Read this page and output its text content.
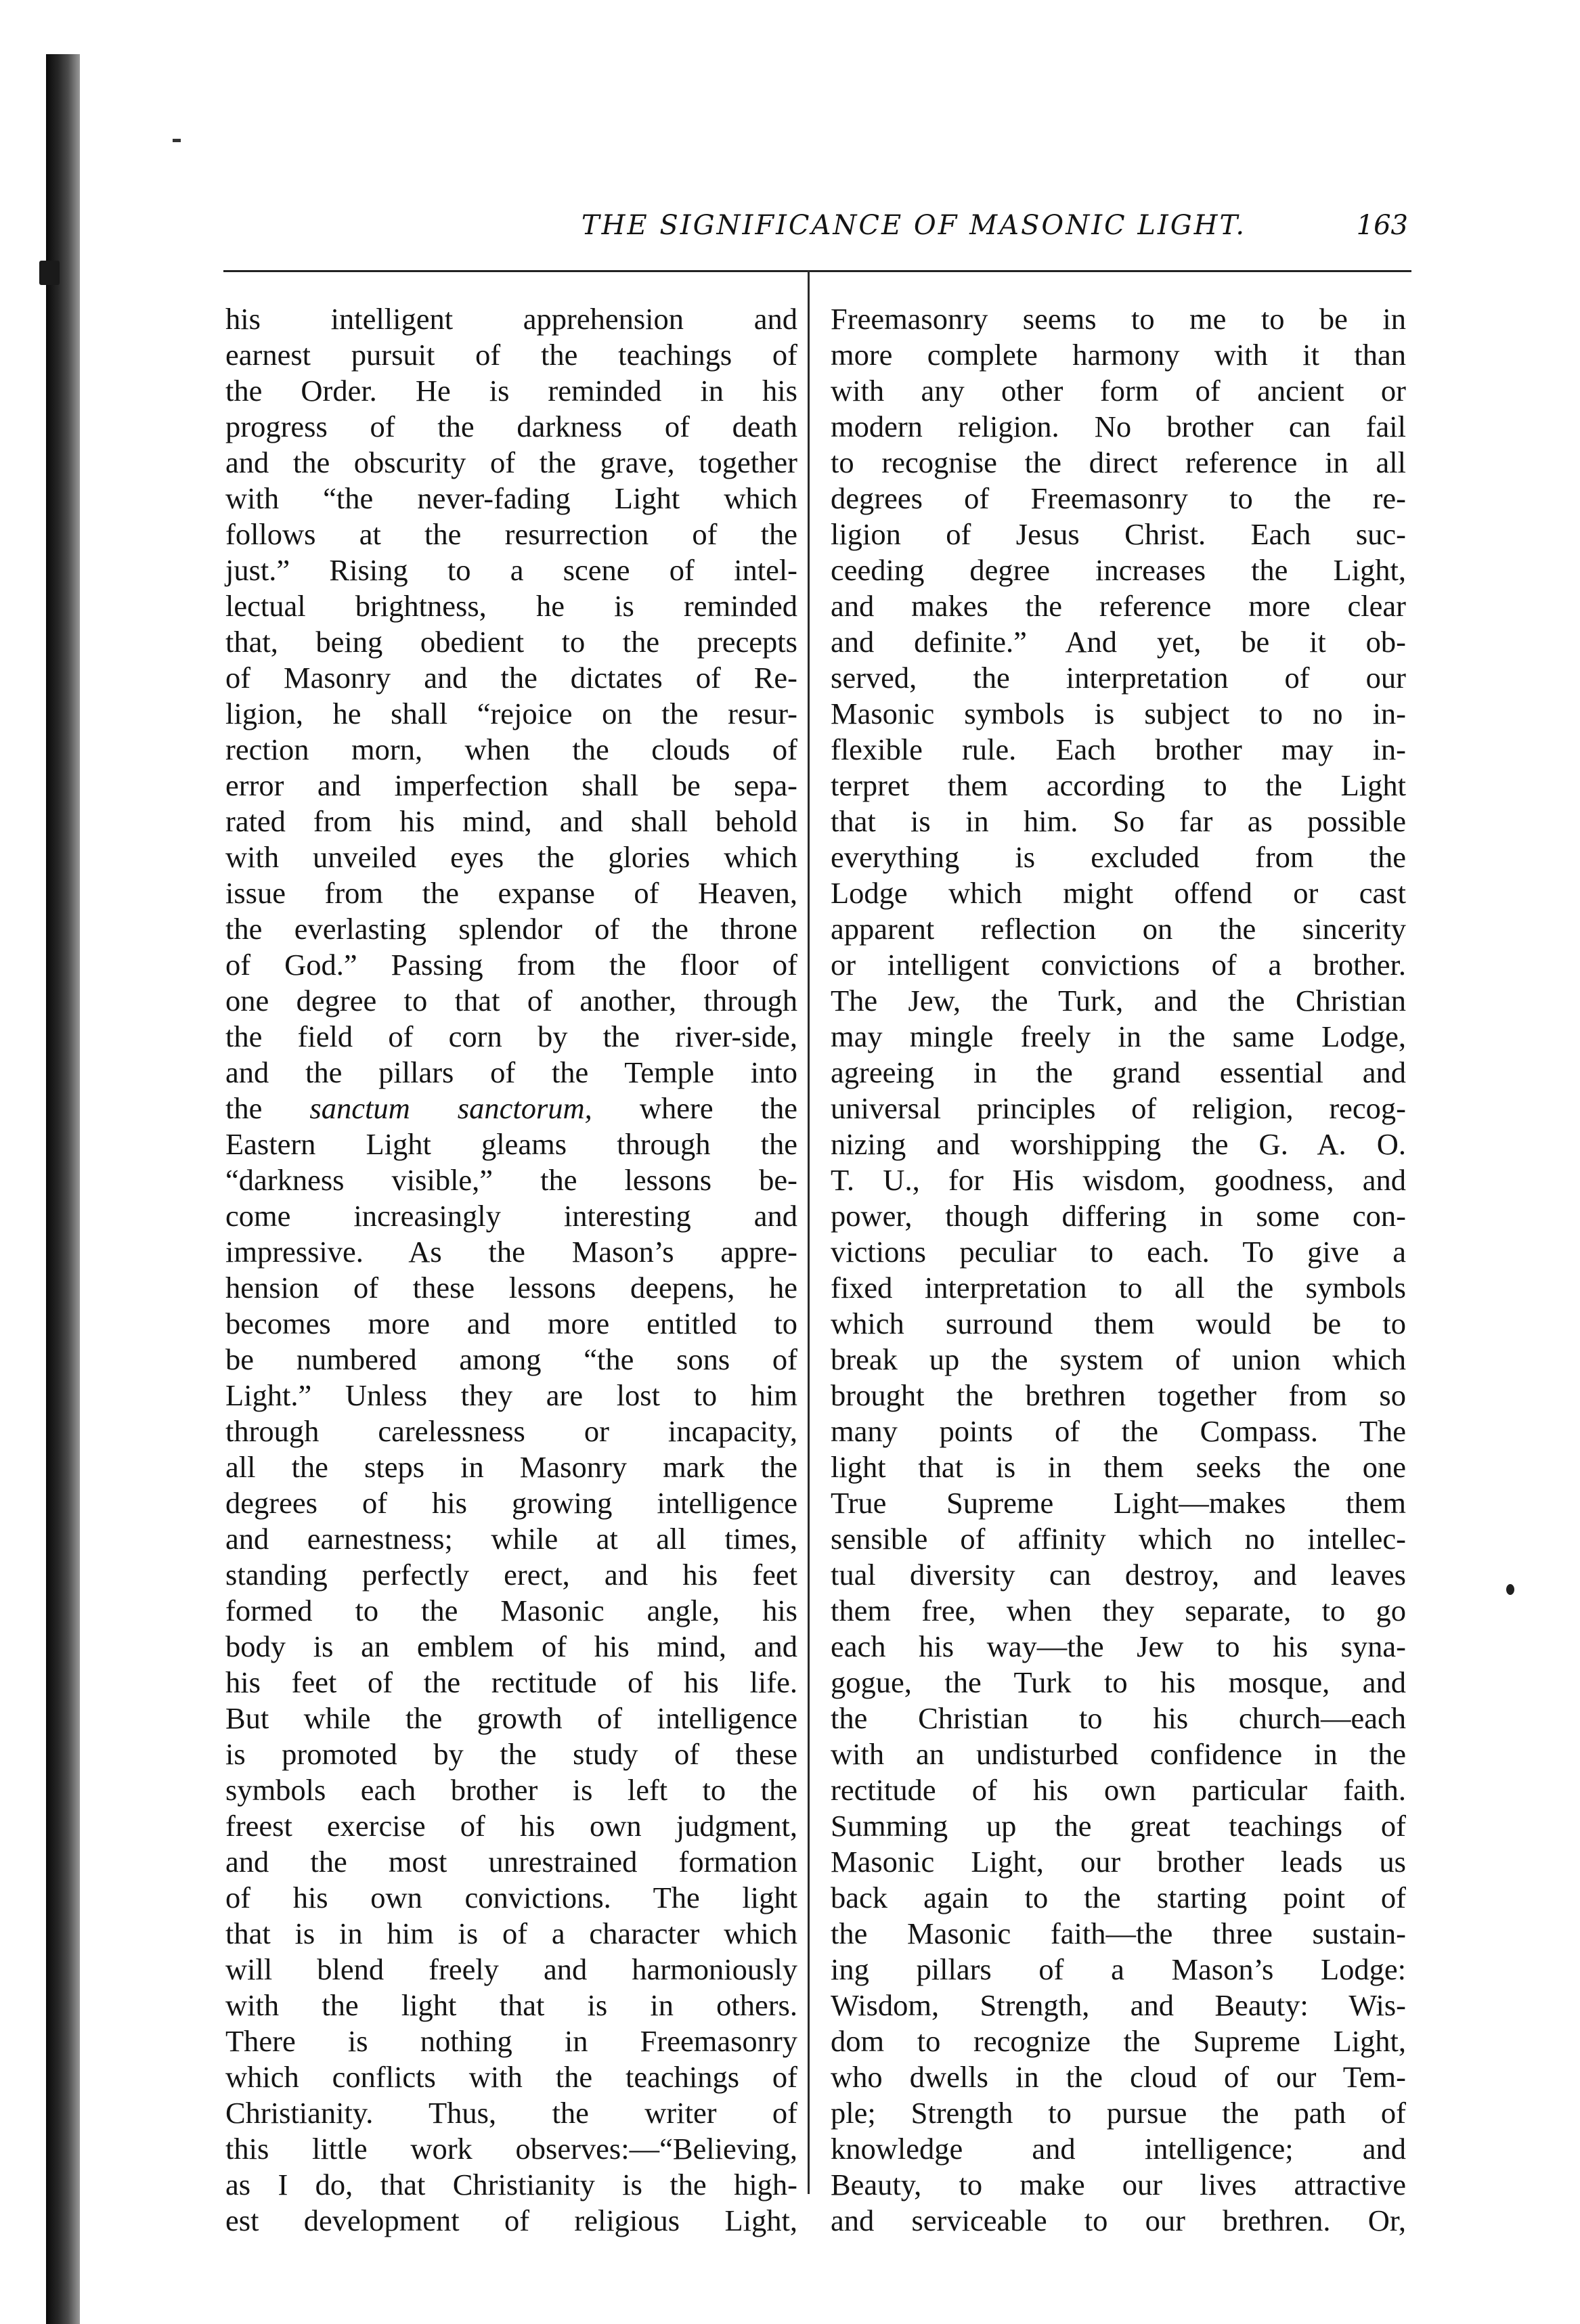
THE SIGNIFICANCE OF MASONIC LIGHT.	163
his intelligent apprehension and
earnest pursuit of the teachings of
the Order. He is reminded in his
progress of the darkness of death
and the obscurity of the grave, together
with “the never-fading Light which
follows at the resurrection of the
just.” Rising to a scene of intel-
lectual brightness, he is reminded
that, being obedient to the precepts
of Masonry and the dictates of Re-
ligion, he shall “rejoice on the resur-
rection morn, when the clouds of
error and imperfection shall be sepa-
rated from his mind, and shall behold
with unveiled eyes the glories which
issue from the expanse of Heaven,
the everlasting splendor of the throne
of God.” Passing from the floor of
one degree to that of another, through
the field of corn by the river-side,
and the pillars of the Temple into
the sanctum sanctorum, where the
Eastern Light gleams through the
“darkness visible,” the lessons be-
come increasingly interesting and
impressive. As the Mason’s appre-
hension of these lessons deepens, he
becomes more and more entitled to
be numbered among “the sons of
Light.” Unless they are lost to him
through carelessness or incapacity,
all the steps in Masonry mark the
degrees of his growing intelligence
and earnestness; while at all times,
standing perfectly erect, and his feet
formed to the Masonic angle, his
body is an emblem of his mind, and
his feet of the rectitude of his life.
But while the growth of intelligence
is promoted by the study of these
symbols each brother is left to the
freest exercise of his own judgment,
and the most unrestrained formation
of his own convictions. The light
that is in him is of a character which
will blend freely and harmoniously
with the light that is in others.
There is nothing in Freemasonry
which conflicts with the teachings of
Christianity. Thus, the writer of
this little work observes:—“Believing,
as I do, that Christianity is the high-
est development of religious Light,
Freemasonry seems to me to be in
more complete harmony with it than
with any other form of ancient or
modern religion. No brother can fail
to recognise the direct reference in all
degrees of Freemasonry to the re-
ligion of Jesus Christ. Each suc-
ceeding degree increases the Light,
and makes the reference more clear
and definite.” And yet, be it ob-
served, the interpretation of our
Masonic symbols is subject to no in-
flexible rule. Each brother may in-
terpret them according to the Light
that is in him. So far as possible
everything is excluded from the
Lodge which might offend or cast
apparent reflection on the sincerity
or intelligent convictions of a brother.
The Jew, the Turk, and the Christian
may mingle freely in the same Lodge,
agreeing in the grand essential and
universal principles of religion, recog-
nizing and worshipping the G. A. O.
T. U., for His wisdom, goodness, and
power, though differing in some con-
victions peculiar to each. To give a
fixed interpretation to all the symbols
which surround them would be to
break up the system of union which
brought the brethren together from so
many points of the Compass. The
light that is in them seeks the one
True Supreme Light—makes them
sensible of affinity which no intellec-
tual diversity can destroy, and leaves
them free, when they separate, to go
each his way—the Jew to his syna-
gogue, the Turk to his mosque, and
the Christian to his church—each
with an undisturbed confidence in the
rectitude of his own particular faith.
Summing up the great teachings of
Masonic Light, our brother leads us
back again to the starting point of
the Masonic faith—the three sustain-
ing pillars of a Mason’s Lodge:
Wisdom, Strength, and Beauty: Wis-
dom to recognize the Supreme Light,
who dwells in the cloud of our Tem-
ple; Strength to pursue the path of
knowledge and intelligence; and
Beauty, to make our lives attractive
and serviceable to our brethren. Or,
